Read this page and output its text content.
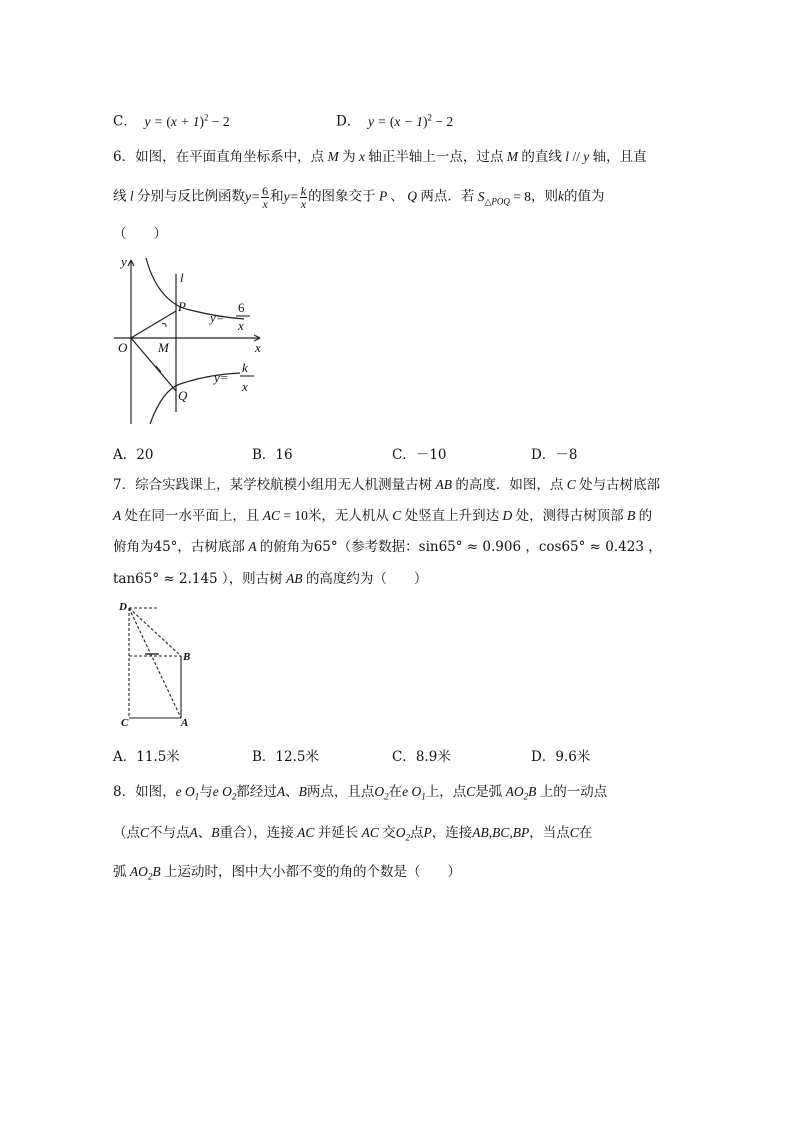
C．  $y = (x + 1)^2 - 2$	D．  $y = (x - 1)^2 - 2$
6．如图，在平面直角坐标系中，点 M 为 x 轴正半轴上一点，过点 M 的直线 l // y 轴，且直
线 l 分别与反比例函数$y= \frac{6}{x}$ 和$y= \frac{k}{x}$ 的图象交于 P 、 Q 两点．若 $S_{\triangle POQ} = 8$，则k的值为
（　　）
y
x
l
P
O M
Q
y=
6
x
y=
k
x
A．20	B．16	C．－10	D．－8
7．综合实践课上，某学校航模小组用无人机测量古树 AB 的高度．如图，点 C 处与古树底部
A 处在同一水平面上，且 AC = 10米，无人机从 C 处竖直上升到达 D 处，测得古树顶部 B 的
俯角为45°，古树底部 A 的俯角为65°（参考数据：sin65° ≈ 0.906 ，cos65° ≈ 0.423 ，
tan65° ≈ 2.145 ），则古树 AB 的高度约为（　　）
D
B
C	A
A．11.5米	B．12.5米	C．8.9米	D．9.6米
8．如图，e $O_1$与e $O_2$都经过A、B两点，且点$O_2$在e $O_1$上，点C是弧 $AO_2B$ 上的一动点
（点C不与点A、B重合），连接 AC 并延长 AC 交$O_2$点P，连接AB,BC,BP，当点C在
弧 $AO_2B$ 上运动时，图中大小都不变的角的个数是（　　）
